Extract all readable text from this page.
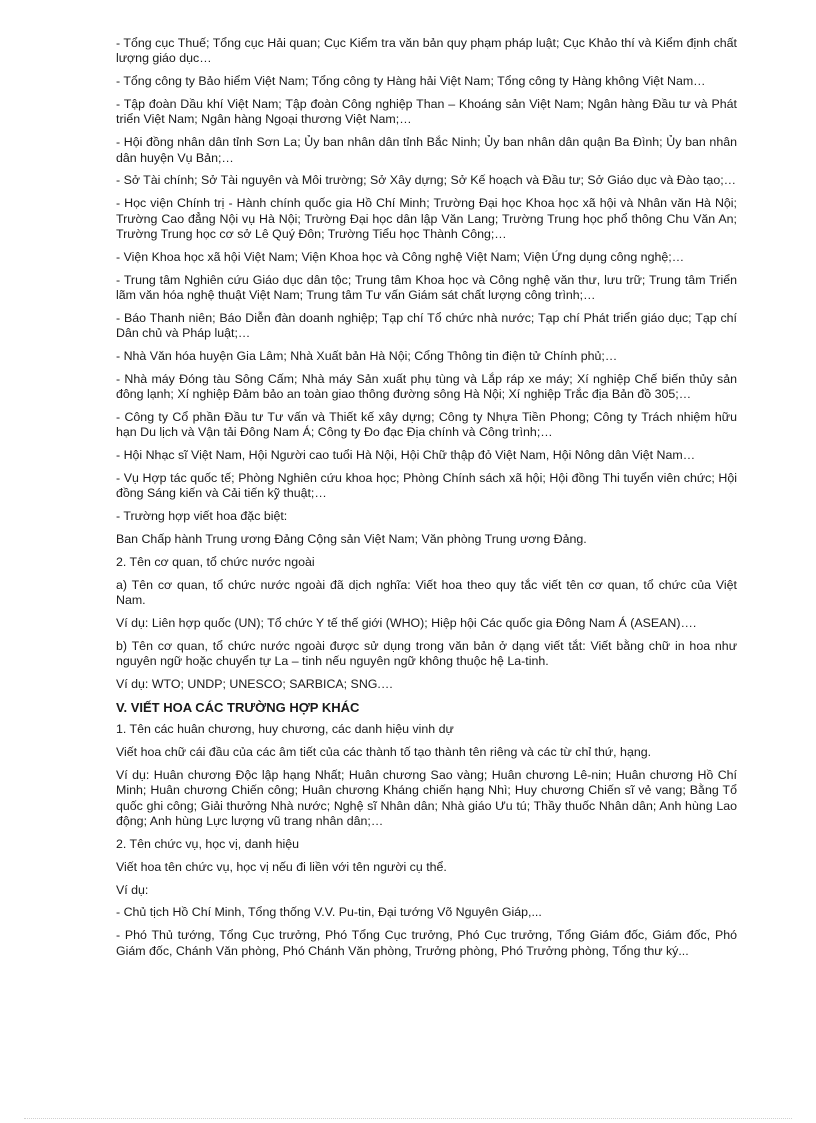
- Tổng cục Thuế; Tổng cục Hải quan; Cục Kiểm tra văn bản quy phạm pháp luật; Cục Khảo thí và Kiểm định chất lượng giáo dục…

- Tổng công ty Bảo hiểm Việt Nam; Tổng công ty Hàng hải Việt Nam; Tổng công ty Hàng không Việt Nam…

- Tập đoàn Dầu khí Việt Nam; Tập đoàn Công nghiệp Than – Khoáng sản Việt Nam; Ngân hàng Đầu tư và Phát triển Việt Nam; Ngân hàng Ngoại thương Việt Nam;…

- Hội đồng nhân dân tỉnh Sơn La; Ủy ban nhân dân tỉnh Bắc Ninh; Ủy ban nhân dân quận Ba Đình; Ủy ban nhân dân huyện Vụ Bản;…

- Sở Tài chính; Sở Tài nguyên và Môi trường; Sở Xây dựng; Sở Kế hoạch và Đầu tư; Sở Giáo dục và Đào tạo;…

- Học viện Chính trị - Hành chính quốc gia Hồ Chí Minh; Trường Đại học Khoa học xã hội và Nhân văn Hà Nội; Trường Cao đẳng Nội vụ Hà Nội; Trường Đại học dân lập Văn Lang; Trường Trung học phổ thông Chu Văn An; Trường Trung học cơ sở Lê Quý Đôn; Trường Tiểu học Thành Công;…

- Viện Khoa học xã hội Việt Nam; Viện Khoa học và Công nghệ Việt Nam; Viện Ứng dụng công nghệ;…

- Trung tâm Nghiên cứu Giáo dục dân tộc; Trung tâm Khoa học và Công nghệ văn thư, lưu trữ; Trung tâm Triển lãm văn hóa nghệ thuật Việt Nam; Trung tâm Tư vấn Giám sát chất lượng công trình;…

- Báo Thanh niên; Báo Diễn đàn doanh nghiệp; Tạp chí Tổ chức nhà nước; Tạp chí Phát triển giáo dục; Tạp chí Dân chủ và Pháp luật;…

- Nhà Văn hóa huyện Gia Lâm; Nhà Xuất bản Hà Nội; Cổng Thông tin điện tử Chính phủ;…

- Nhà máy Đóng tàu Sông Cấm; Nhà máy Sản xuất phụ tùng và Lắp ráp xe máy; Xí nghiệp Chế biến thủy sản đông lạnh; Xí nghiệp Đảm bảo an toàn giao thông đường sông Hà Nội; Xí nghiệp Trắc địa Bản đồ 305;…

- Công ty Cổ phần Đầu tư Tư vấn và Thiết kế xây dựng; Công ty Nhựa Tiền Phong; Công ty Trách nhiệm hữu hạn Du lịch và Vận tải Đông Nam Á; Công ty Đo đạc Địa chính và Công trình;…

- Hội Nhạc sĩ Việt Nam, Hội Người cao tuổi Hà Nội, Hội Chữ thập đỏ Việt Nam, Hội Nông dân Việt Nam…

- Vụ Hợp tác quốc tế; Phòng Nghiên cứu khoa học; Phòng Chính sách xã hội; Hội đồng Thi tuyển viên chức; Hội đồng Sáng kiến và Cải tiến kỹ thuật;…

- Trường hợp viết hoa đặc biệt:

Ban Chấp hành Trung ương Đảng Cộng sản Việt Nam; Văn phòng Trung ương Đảng.

2. Tên cơ quan, tổ chức nước ngoài

a) Tên cơ quan, tổ chức nước ngoài đã dịch nghĩa: Viết hoa theo quy tắc viết tên cơ quan, tổ chức của Việt Nam.

Ví dụ: Liên hợp quốc (UN); Tổ chức Y tế thế giới (WHO); Hiệp hội Các quốc gia Đông Nam Á (ASEAN)….

b) Tên cơ quan, tổ chức nước ngoài được sử dụng trong văn bản ở dạng viết tắt: Viết bằng chữ in hoa như nguyên ngữ hoặc chuyển tự La – tinh nếu nguyên ngữ không thuộc hệ La-tinh.

Ví dụ: WTO; UNDP; UNESCO; SARBICA; SNG.…

V. VIẾT HOA CÁC TRƯỜNG HỢP KHÁC

1. Tên các huân chương, huy chương, các danh hiệu vinh dự

Viết hoa chữ cái đầu của các âm tiết của các thành tố tạo thành tên riêng và các từ chỉ thứ, hạng.

Ví dụ: Huân chương Độc lập hạng Nhất; Huân chương Sao vàng; Huân chương Lê-nin; Huân chương Hồ Chí Minh; Huân chương Chiến công; Huân chương Kháng chiến hạng Nhì; Huy chương Chiến sĩ vẻ vang; Bằng Tổ quốc ghi công; Giải thưởng Nhà nước; Nghệ sĩ Nhân dân; Nhà giáo Ưu tú; Thầy thuốc Nhân dân; Anh hùng Lao động; Anh hùng Lực lượng vũ trang nhân dân;…

2. Tên chức vụ, học vị, danh hiệu

Viết hoa tên chức vụ, học vị nếu đi liền với tên người cụ thể.

Ví dụ:

- Chủ tịch Hồ Chí Minh, Tổng thống V.V. Pu-tin, Đại tướng Võ Nguyên Giáp,...

- Phó Thủ tướng, Tổng Cục trưởng, Phó Tổng Cục trưởng, Phó Cục trưởng, Tổng Giám đốc, Giám đốc, Phó Giám đốc, Chánh Văn phòng, Phó Chánh Văn phòng, Trưởng phòng, Phó Trưởng phòng, Tổng thư ký...
